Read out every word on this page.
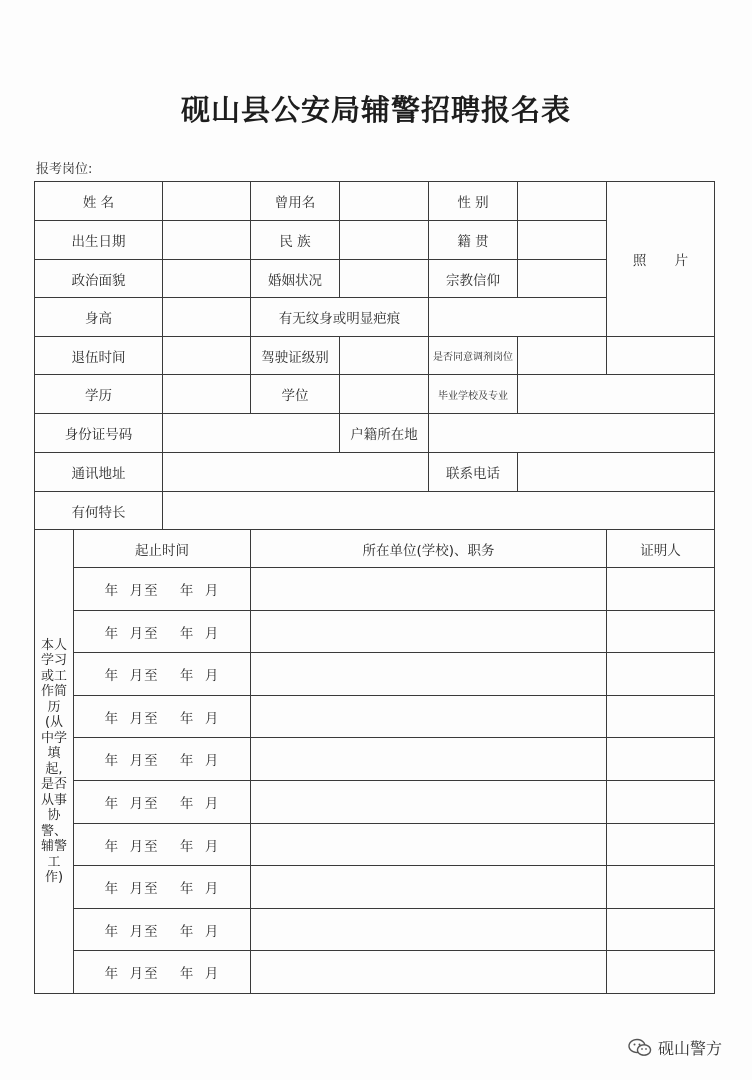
砚山县公安局辅警招聘报名表
报考岗位:
姓 名	曾用名	性 别
照 片
出生日期	民 族	籍 贯
政治面貌	婚姻状况	宗教信仰
身高	有无纹身或明显疤痕
退伍时间	驾驶证级别	是否同意调剂岗位
学历	学位	毕业学校及专业
身份证号码	户籍所在地
通讯地址	联系电话
有何特长
本人学习或工作简历(从中学填起,是否从事协警、辅警工作)
起止时间	所在单位(学校)、职务	证明人
年  月至    年  月
年  月至    年  月
年  月至    年  月
年  月至    年  月
年  月至    年  月
年  月至    年  月
年  月至    年  月
年  月至    年  月
年  月至    年  月
年  月至    年  月
砚山警方
